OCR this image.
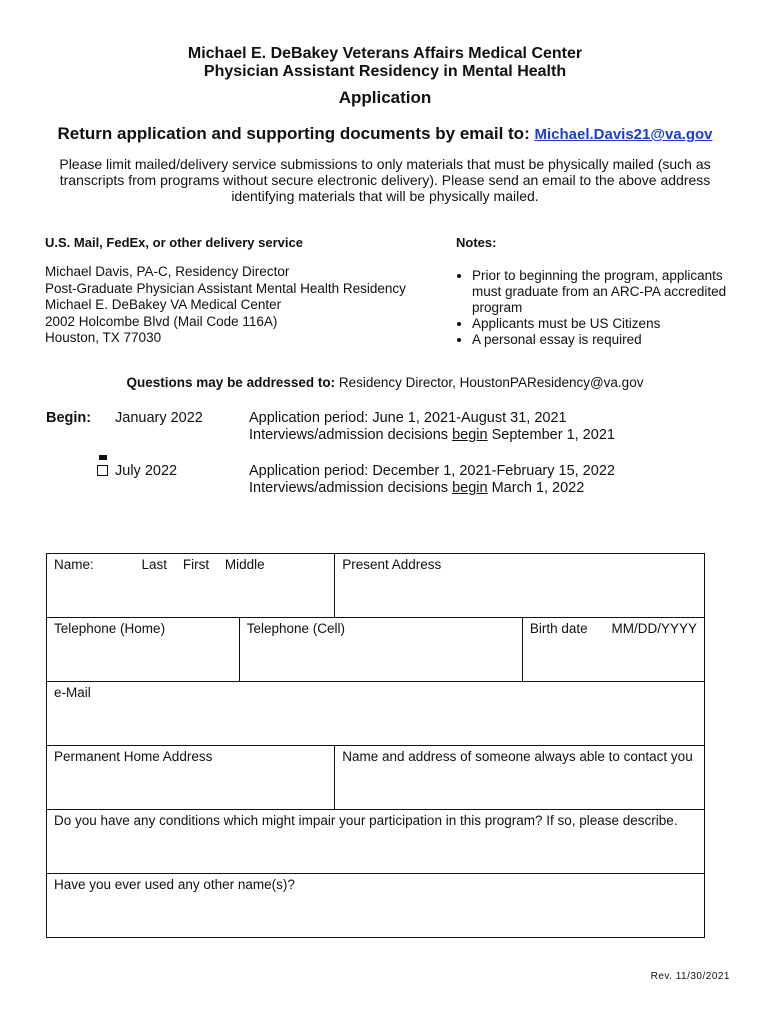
Michael E. DeBakey Veterans Affairs Medical Center
Physician Assistant Residency in Mental Health
Application
Return application and supporting documents by email to: Michael.Davis21@va.gov
Please limit mailed/delivery service submissions to only materials that must be physically mailed (such as transcripts from programs without secure electronic delivery). Please send an email to the above address identifying materials that will be physically mailed.
U.S. Mail, FedEx, or other delivery service
Michael Davis, PA-C, Residency Director
Post-Graduate Physician Assistant Mental Health Residency
Michael E. DeBakey VA Medical Center
2002 Holcombe Blvd (Mail Code 116A)
Houston, TX 77030
Notes:
• Prior to beginning the program, applicants must graduate from an ARC-PA accredited program
• Applicants must be US Citizens
• A personal essay is required
Questions may be addressed to: Residency Director, HoustonPAResidency@va.gov
Begin: January 2022	Application period: June 1, 2021-August 31, 2021
Interviews/admission decisions begin September 1, 2021
July 2022	Application period: December 1, 2021-February 15, 2022
Interviews/admission decisions begin March 1, 2022
Name: Last First Middle		Present Address	
Telephone (Home)	Telephone (Cell)		Birth date MM/DD/YYYY
e-Mail			
Permanent Home Address		Name and address of someone always able to contact you	
Do you have any conditions which might impair your participation in this program? If so, please describe.			
Have you ever used any other name(s)?			
Rev. 11/30/2021
